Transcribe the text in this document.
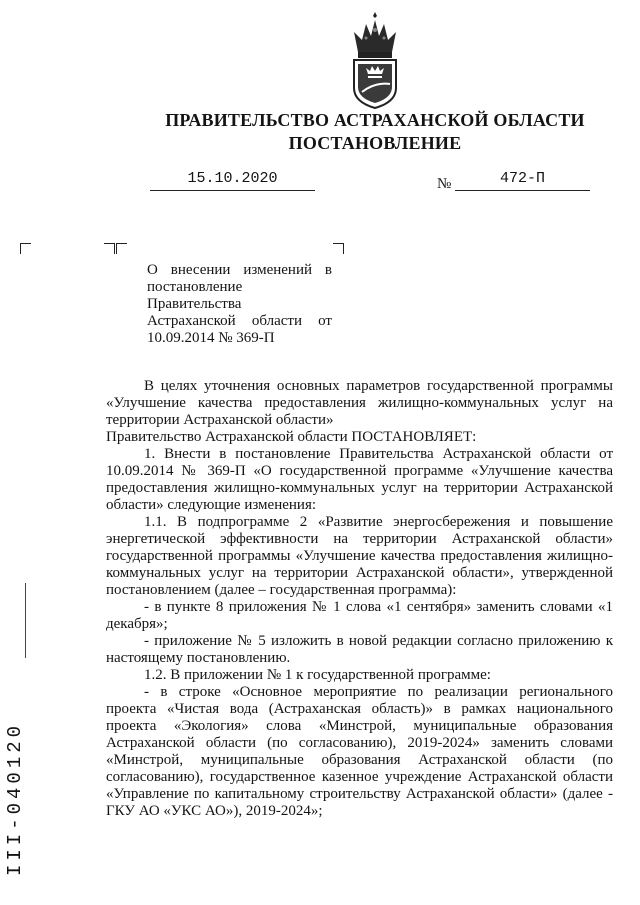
ПРАВИТЕЛЬСТВО АСТРАХАНСКОЙ ОБЛАСТИ
ПОСТАНОВЛЕНИЕ
15.10.2020	№	472-П
О внесении изменений в постановление Правительства Астраханской области от 10.09.2014 № 369-П

В целях уточнения основных параметров государственной программы «Улучшение качества предоставления жилищно-коммунальных услуг на территории Астраханской области»

Правительство Астраханской области ПОСТАНОВЛЯЕТ:

1. Внести в постановление Правительства Астраханской области от 10.09.2014 № 369-П «О государственной программе «Улучшение качества предоставления жилищно-коммунальных услуг на территории Астраханской области» следующие изменения:

1.1. В подпрограмме 2 «Развитие энергосбережения и повышение энергетической эффективности на территории Астраханской области» государственной программы «Улучшение качества предоставления жилищно-коммунальных услуг на территории Астраханской области», утвержденной постановлением (далее – государственная программа):

- в пункте 8 приложения № 1 слова «1 сентября» заменить словами «1 декабря»;

- приложение № 5 изложить в новой редакции согласно приложению к настоящему постановлению.

1.2. В приложении № 1 к государственной программе:

- в строке «Основное мероприятие по реализации регионального проекта «Чистая вода (Астраханская область)» в рамках национального проекта «Экология» слова «Минстрой, муниципальные образования Астраханской области (по согласованию), 2019-2024» заменить словами «Минстрой, муниципальные образования Астраханской области (по согласованию), государственное казенное учреждение Астраханской области «Управление по капитальному строительству Астраханской области» (далее - ГКУ АО «УКС АО»), 2019-2024»;

III-040120
